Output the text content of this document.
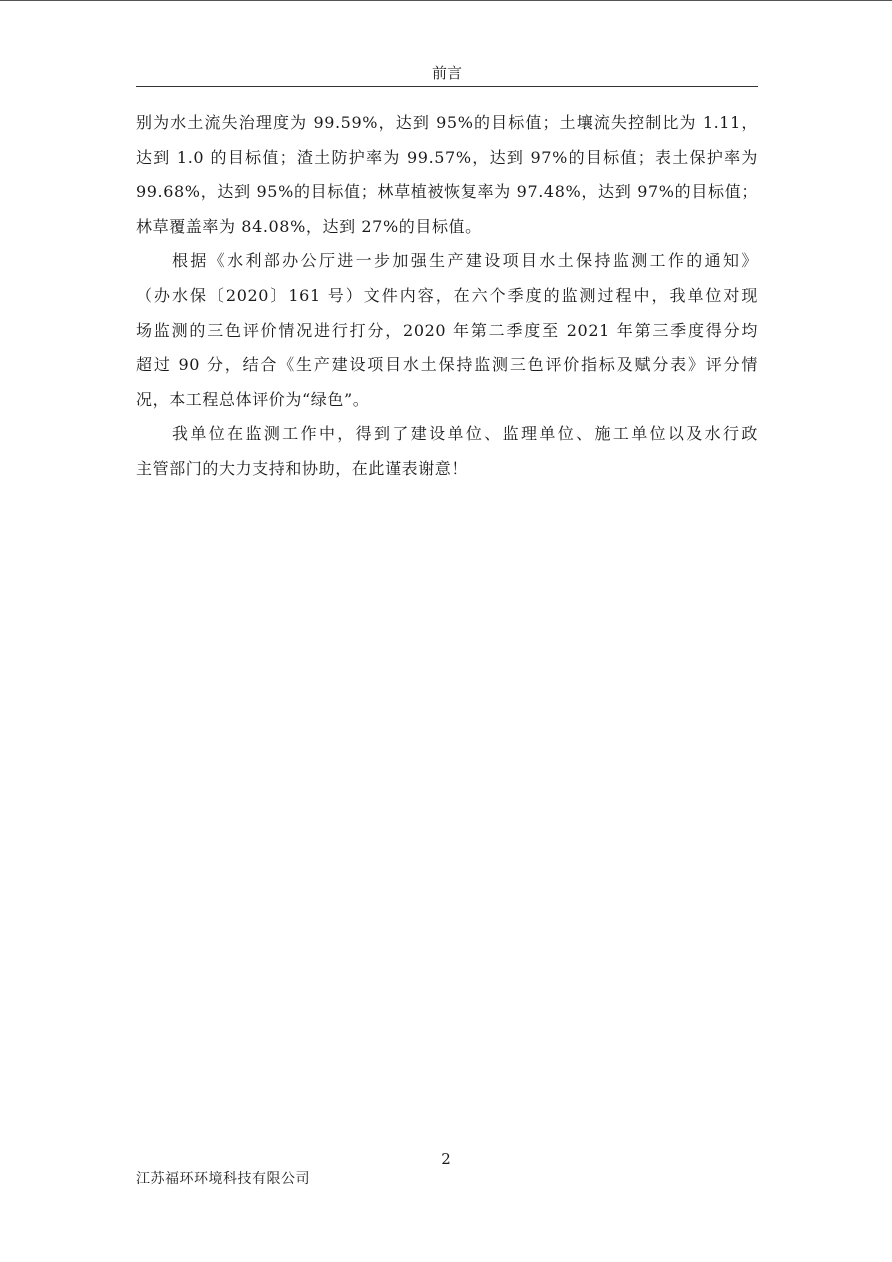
前言

别为水土流失治理度为 99.59%，达到 95%的目标值；土壤流失控制比为 1.11，
达到 1.0 的目标值；渣土防护率为 99.57%，达到 97%的目标值；表土保护率为
99.68%，达到 95%的目标值；林草植被恢复率为 97.48%，达到 97%的目标值；
林草覆盖率为 84.08%，达到 27%的目标值。

根据《水利部办公厅进一步加强生产建设项目水土保持监测工作的通知》
（办水保〔2020〕161 号）文件内容，在六个季度的监测过程中，我单位对现
场监测的三色评价情况进行打分，2020 年第二季度至 2021 年第三季度得分均
超过 90 分，结合《生产建设项目水土保持监测三色评价指标及赋分表》评分情
况，本工程总体评价为“绿色”。

我单位在监测工作中，得到了建设单位、监理单位、施工单位以及水行政
主管部门的大力支持和协助，在此谨表谢意！

2
江苏福环环境科技有限公司
